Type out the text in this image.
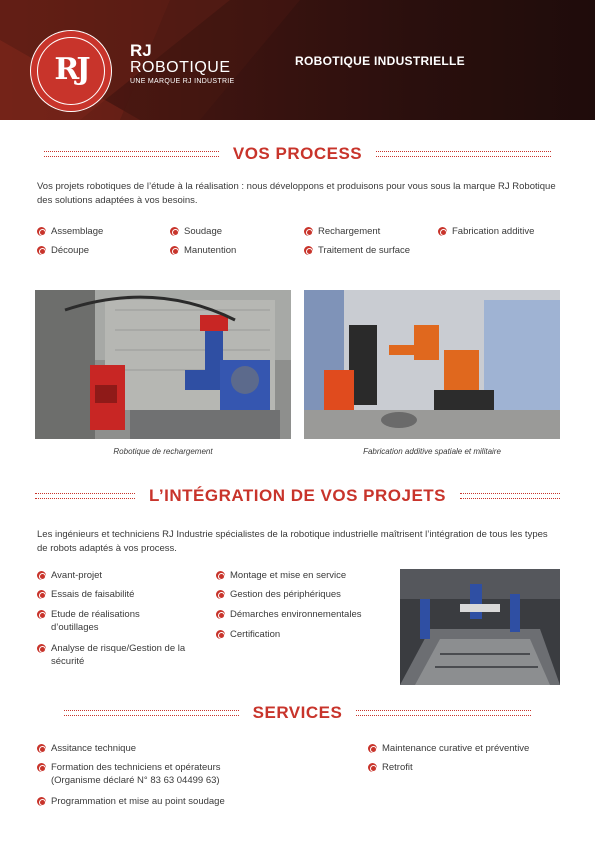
RJ
RJ
ROBOTIQUE
UNE MARQUE RJ INDUSTRIE
ROBOTIQUE INDUSTRIELLE
VOS PROCESS
Vos projets robotiques de l’étude à la réalisation : nous développons et produisons pour vous sous la marque RJ Robotique des solutions adaptées à vos besoins.
Assemblage
Découpe
Soudage
Manutention
Rechargement
Traitement de surface
Fabrication additive
Robotique de rechargement	Fabrication additive spatiale et militaire
L’INTÉGRATION DE VOS PROJETS
Les ingénieurs et techniciens RJ Industrie spécialistes de la robotique industrielle maîtrisent l’intégration de tous les types de robots adaptés à vos process.
Avant-projet
Essais de faisabilité
Etude de réalisations d’outillages
Analyse de risque/Gestion de la sécurité
Montage et mise en service
Gestion des périphériques
Démarches environnementales
Certification
SERVICES
Assitance technique
Formation des techniciens et opérateurs (Organisme déclaré N° 83 63 04499 63)
Programmation et mise au point soudage
Maintenance curative et préventive
Retrofit
